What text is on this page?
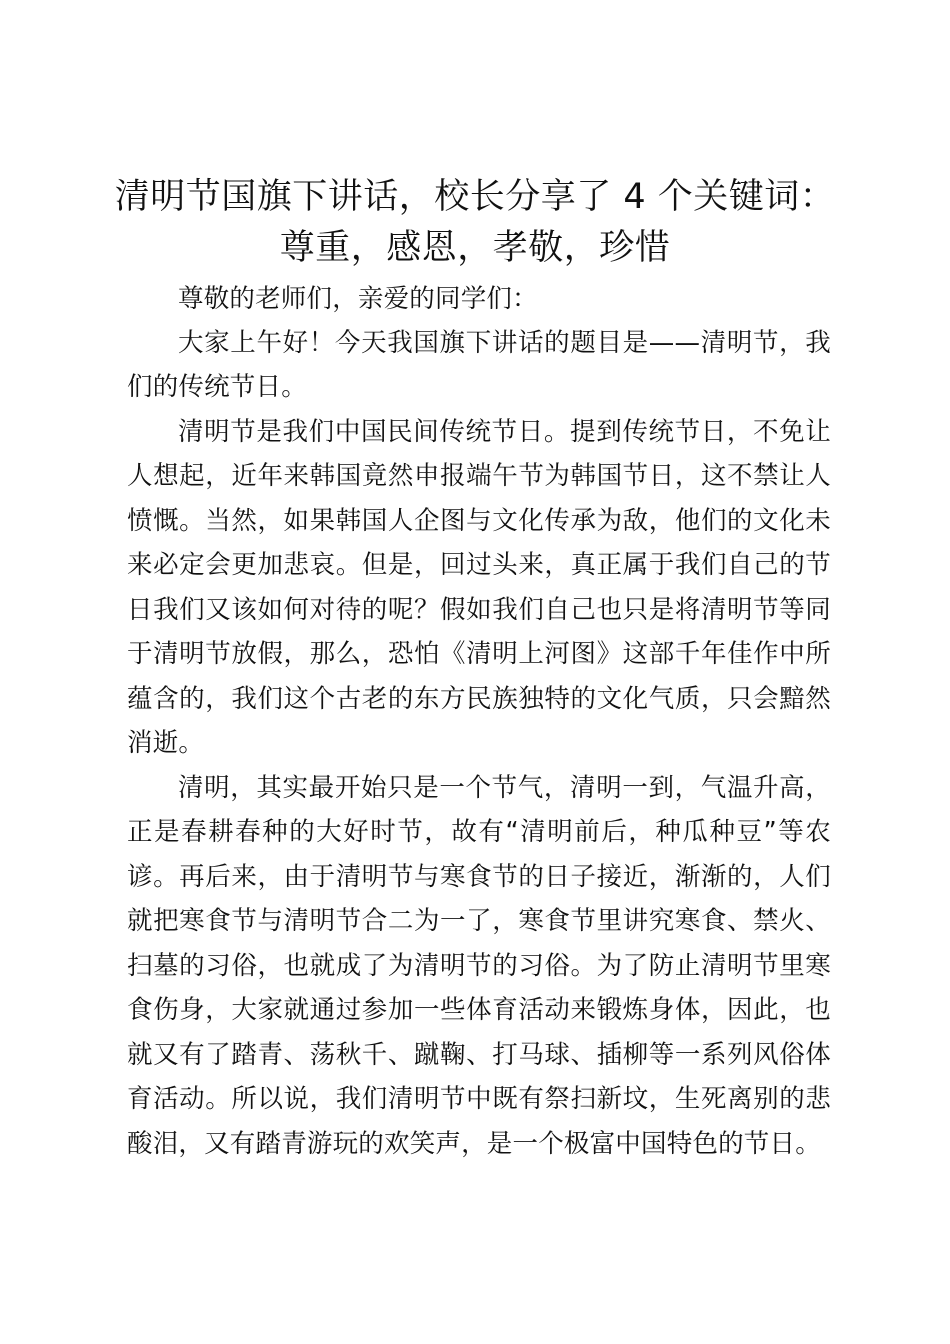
清明节国旗下讲话，校长分享了 4 个关键词：
尊重，感恩，孝敬，珍惜
尊敬的老师们，亲爱的同学们：
大家上午好！今天我国旗下讲话的题目是——清明节，我
们的传统节日。
清明节是我们中国民间传统节日。提到传统节日，不免让
人想起，近年来韩国竟然申报端午节为韩国节日，这不禁让人
愤慨。当然，如果韩国人企图与文化传承为敌，他们的文化未
来必定会更加悲哀。但是，回过头来，真正属于我们自己的节
日我们又该如何对待的呢？假如我们自己也只是将清明节等同
于清明节放假，那么，恐怕《清明上河图》这部千年佳作中所
蕴含的，我们这个古老的东方民族独特的文化气质，只会黯然
消逝。
清明，其实最开始只是一个节气，清明一到，气温升高，
正是春耕春种的大好时节，故有“清明前后，种瓜种豆”等农
谚。再后来，由于清明节与寒食节的日子接近，渐渐的，人们
就把寒食节与清明节合二为一了，寒食节里讲究寒食、禁火、
扫墓的习俗，也就成了为清明节的习俗。为了防止清明节里寒
食伤身，大家就通过参加一些体育活动来锻炼身体，因此，也
就又有了踏青、荡秋千、蹴鞠、打马球、插柳等一系列风俗体
育活动。所以说，我们清明节中既有祭扫新坟，生死离别的悲
酸泪，又有踏青游玩的欢笑声，是一个极富中国特色的节日。
